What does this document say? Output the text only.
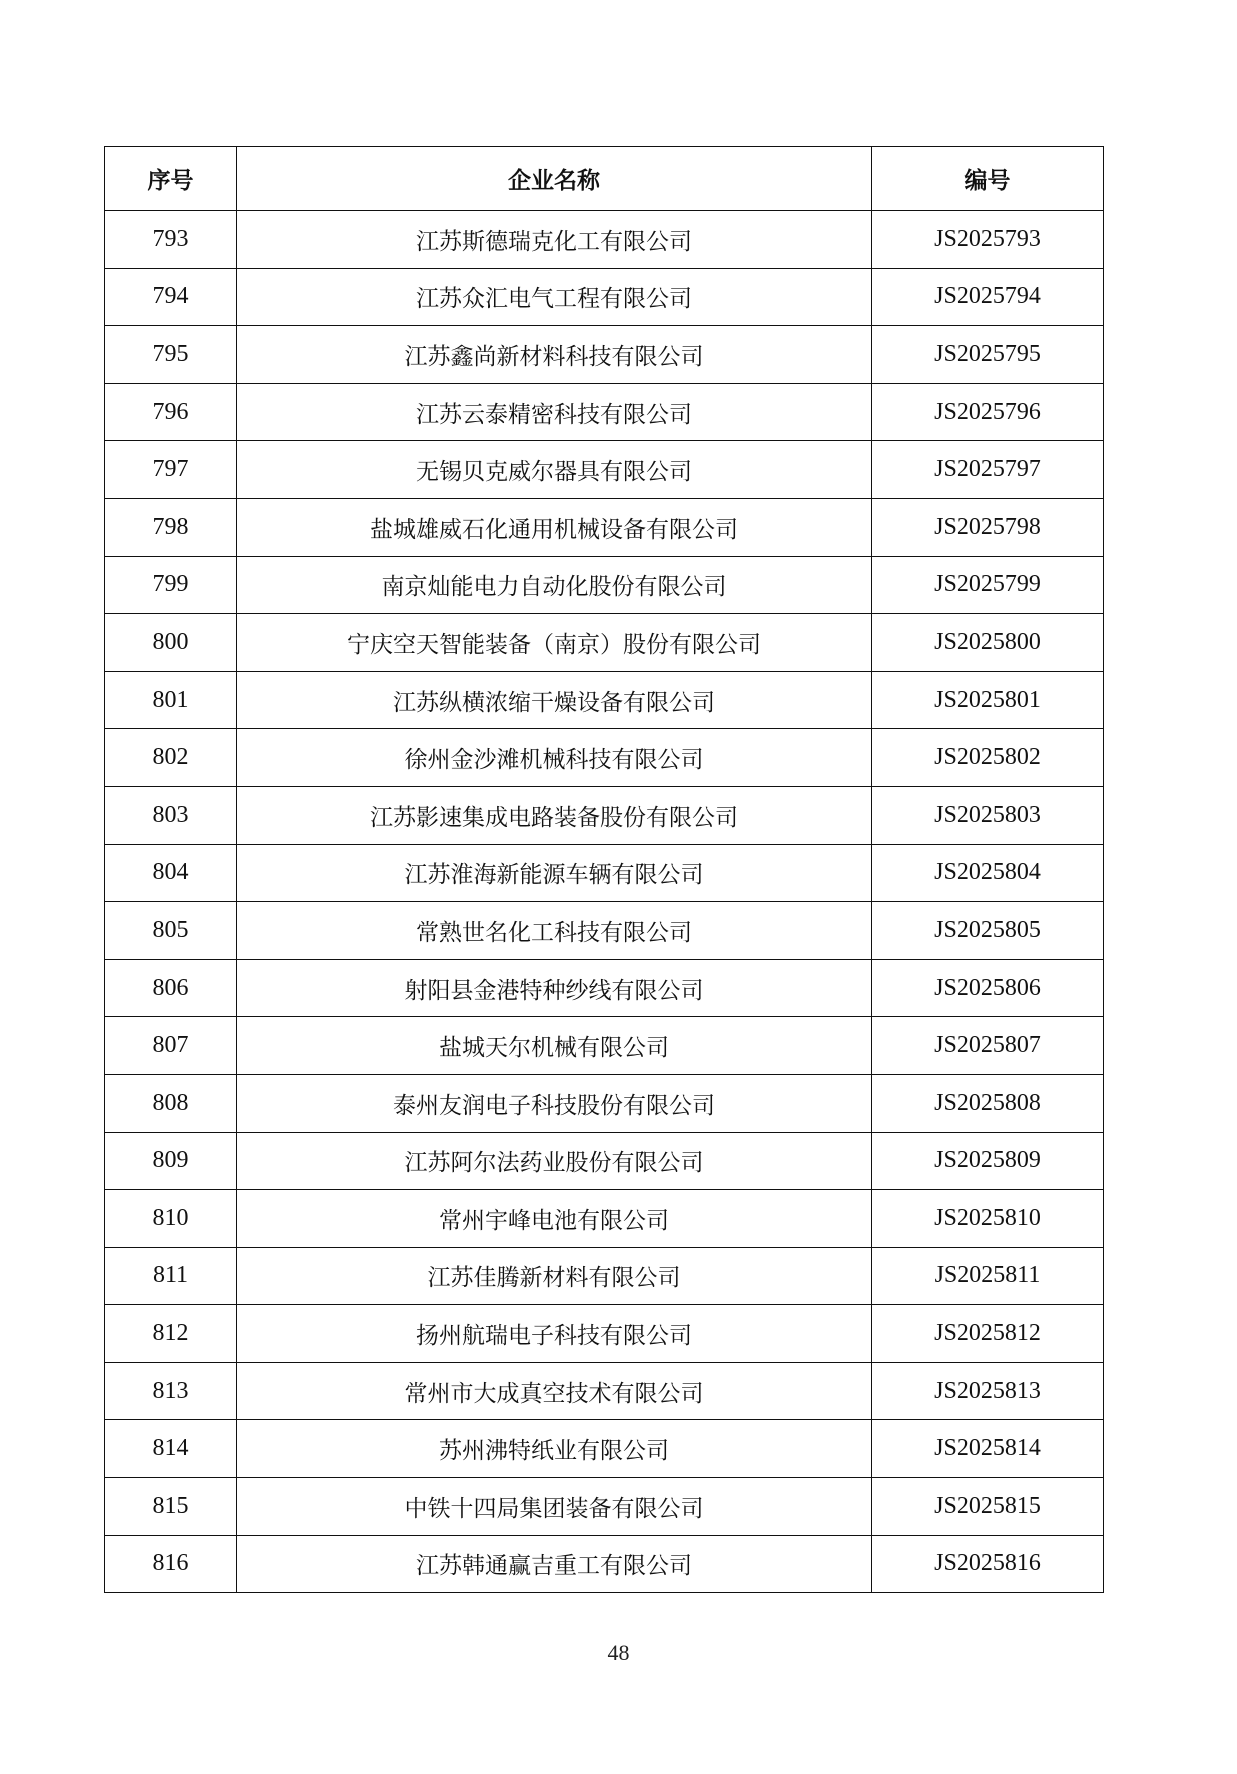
序号	企业名称	编号
793	江苏斯德瑞克化工有限公司	JS2025793
794	江苏众汇电气工程有限公司	JS2025794
795	江苏鑫尚新材料科技有限公司	JS2025795
796	江苏云泰精密科技有限公司	JS2025796
797	无锡贝克威尔器具有限公司	JS2025797
798	盐城雄威石化通用机械设备有限公司	JS2025798
799	南京灿能电力自动化股份有限公司	JS2025799
800	宁庆空天智能装备（南京）股份有限公司	JS2025800
801	江苏纵横浓缩干燥设备有限公司	JS2025801
802	徐州金沙滩机械科技有限公司	JS2025802
803	江苏影速集成电路装备股份有限公司	JS2025803
804	江苏淮海新能源车辆有限公司	JS2025804
805	常熟世名化工科技有限公司	JS2025805
806	射阳县金港特种纱线有限公司	JS2025806
807	盐城天尔机械有限公司	JS2025807
808	泰州友润电子科技股份有限公司	JS2025808
809	江苏阿尔法药业股份有限公司	JS2025809
810	常州宇峰电池有限公司	JS2025810
811	江苏佳腾新材料有限公司	JS2025811
812	扬州航瑞电子科技有限公司	JS2025812
813	常州市大成真空技术有限公司	JS2025813
814	苏州沸特纸业有限公司	JS2025814
815	中铁十四局集团装备有限公司	JS2025815
816	江苏韩通赢吉重工有限公司	JS2025816
48
